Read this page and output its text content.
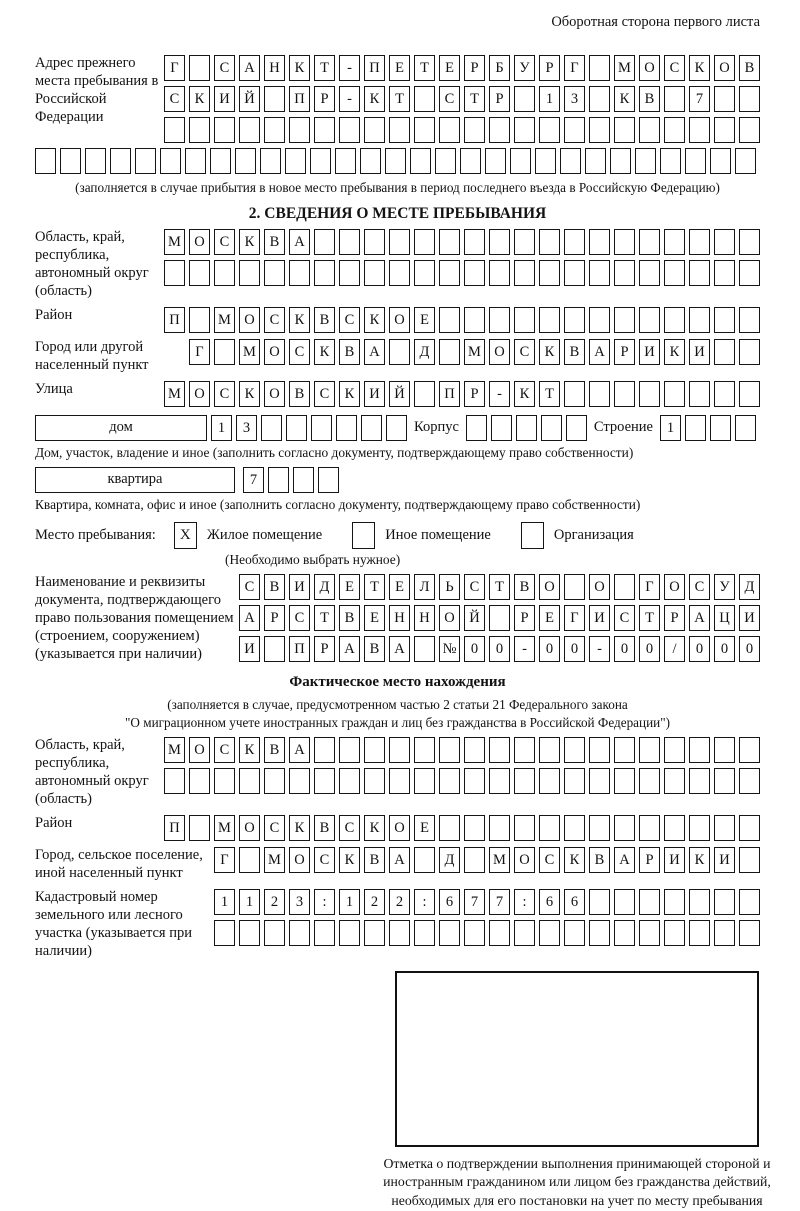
Оборотная сторона первого листа
Адрес прежнего места пребывания в Российской Федерации
Г	С	А	Н	К	Т	-	П	Е	Т	Е	Р	Б	У	Р	Г	М О	С	К	О	В
С	К	И	Й	П	Р	-	К	Т	С	Т	Р	1	3	К	В	7
(заполняется в случае прибытия в новое место пребывания в период последнего въезда в Российскую Федерацию)
2. СВЕДЕНИЯ О МЕСТЕ ПРЕБЫВАНИЯ
Область, край, республика, автономный округ (область)
М О	С	К	В	А
Район	П	М О	С	К	В	С	К	О	Е
Город или другой населенный пункт
Г	М О	С	К	В	А	Д	М О	С	К	В	А	Р	И	К	И
Улица	М О	С	К	О	В	С	К	И	Й	П	Р	-	К	Т
дом	1	3	Корпус	Строение 1
Дом, участок, владение и иное (заполнить согласно документу, подтверждающему право собственности)
квартира	7
Квартира, комната, офис и иное (заполнить согласно документу, подтверждающему право собственности)
Место пребывания:	X	Жилое помещение	Иное помещение	Организация
(Необходимо выбрать нужное)
Наименование и реквизиты документа, подтверждающего право пользования помещением (строением, сооружением) (указывается при наличии)
С	В	И	Д	Е	Т	Е	Л	Ь	С	Т	В	О	О	Г	О	С	У	Д
А	Р	С	Т	В	Е	Н	Н	О	Й	Р	Е	Г	И	С	Т	Р	А	Ц	И
И	П	Р	А	В	А	№ 0	0	-	0	0	-	0	0	/	0	0	0
Фактическое место нахождения
(заполняется в случае, предусмотренном частью 2 статьи 21 Федерального закона
"О миграционном учете иностранных граждан и лиц без гражданства в Российской Федерации")
Область, край, республика, автономный округ (область)
М О	С	К	В	А
Район	П	М О	С	К	В	С	К	О	Е
Город, сельское поселение, иной населенный пункт
Г	М О	С	К	В	А	Д	М О	С	К	В	А	Р	И	К	И
Кадастровый номер земельного или лесного участка (указывается при наличии)
1	1	2	3	:	1	2	2	:	6	7	7	:	6	6
Отметка о подтверждении выполнения принимающей стороной и иностранным гражданином или лицом без гражданства действий, необходимых для его постановки на учет по месту пребывания
